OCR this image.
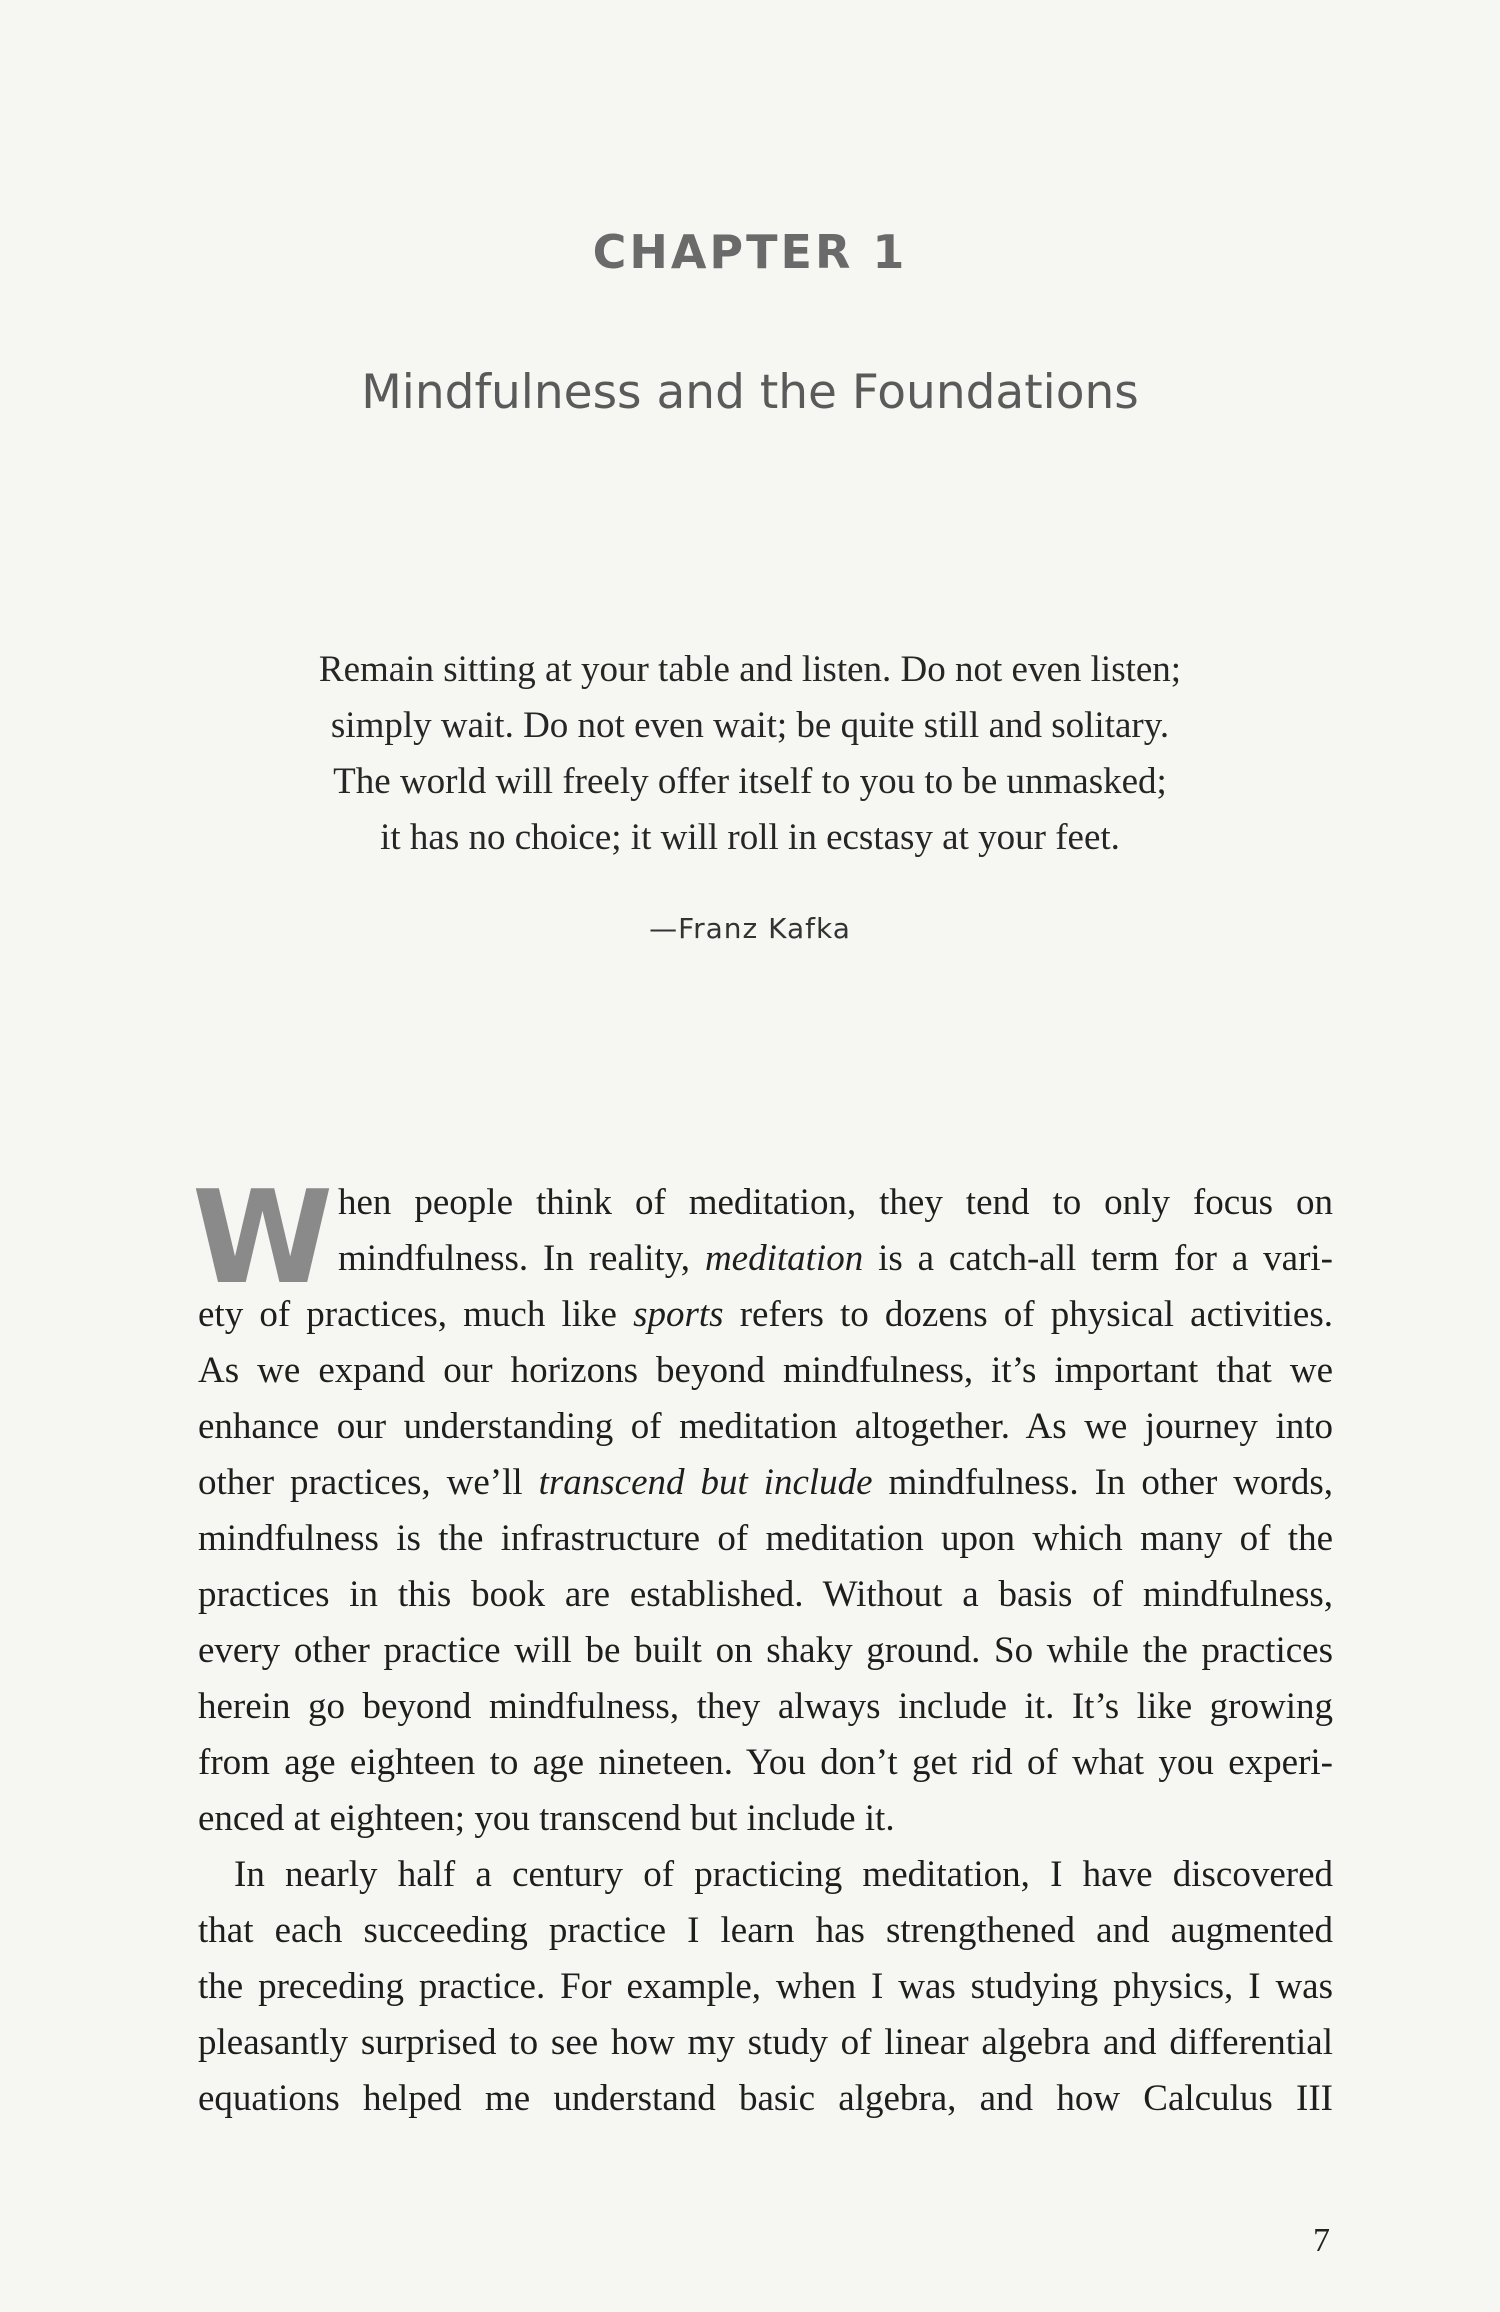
CHAPTER 1
Mindfulness and the Foundations
Remain sitting at your table and listen. Do not even listen;
simply wait. Do not even wait; be quite still and solitary.
The world will freely offer itself to you to be unmasked;
it has no choice; it will roll in ecstasy at your feet.
—Franz Kafka
W hen people think of meditation, they tend to only focus on
mindfulness. In reality, meditation is a catch-all term for a vari-
ety of practices, much like sports refers to dozens of physical activities.
As we expand our horizons beyond mindfulness, it’s important that we
enhance our understanding of meditation altogether. As we journey into
other practices, we’ll transcend but include mindfulness. In other words,
mindfulness is the infrastructure of meditation upon which many of the
practices in this book are established. Without a basis of mindfulness,
every other practice will be built on shaky ground. So while the practices
herein go beyond mindfulness, they always include it. It’s like growing
from age eighteen to age nineteen. You don’t get rid of what you experi-
enced at eighteen; you transcend but include it.
In nearly half a century of practicing meditation, I have discovered
that each succeeding practice I learn has strengthened and augmented
the preceding practice. For example, when I was studying physics, I was
pleasantly surprised to see how my study of linear algebra and differential
equations helped me understand basic algebra, and how Calculus III
7
